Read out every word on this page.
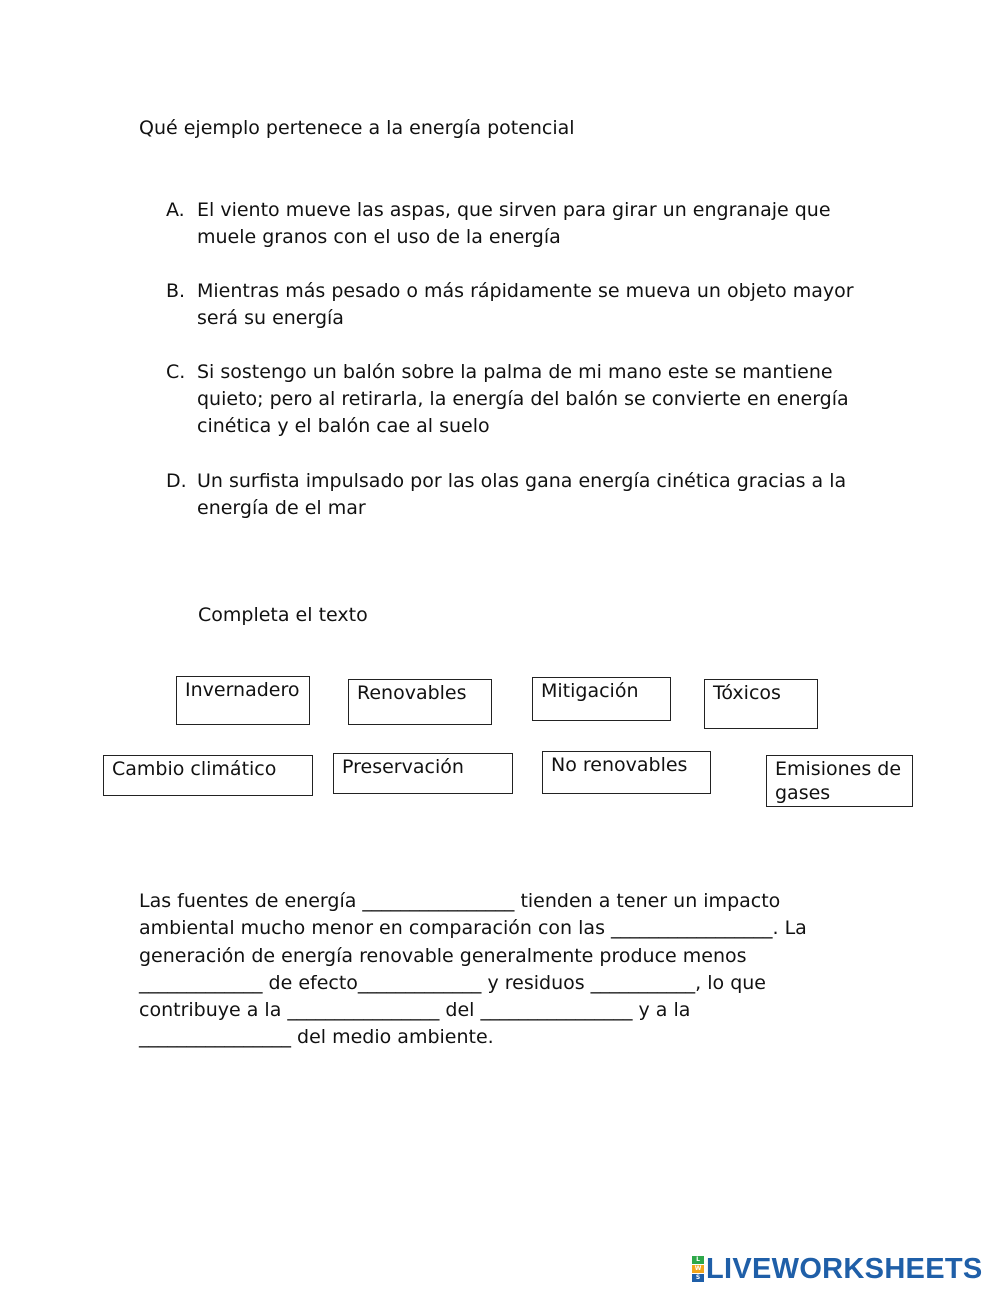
Qué ejemplo pertenece a la energía potencial
A. El viento mueve las aspas, que sirven para girar un engranaje que muele granos con el uso de la energía
B. Mientras más pesado o más rápidamente se mueva un objeto mayor será su energía
C. Si sostengo un balón sobre la palma de mi mano este se mantiene quieto; pero al retirarla, la energía del balón se convierte en energía cinética y el balón cae al suelo
D. Un surfista impulsado por las olas gana energía cinética gracias a la energía de el mar
Completa el texto
Invernadero	Renovables	Mitigación	Tóxicos
Cambio climático	Preservación	No renovables	Emisiones de gases

Las fuentes de energía ________________ tienden a tener un impacto

ambiental mucho menor en comparación con las _________________. La

generación de energía renovable generalmente produce menos

_____________ de efecto_____________ y residuos ___________, lo que

contribuye a la ________________ del ________________ y a la

________________ del medio ambiente.

L
W
S LIVEWORKSHEETS
